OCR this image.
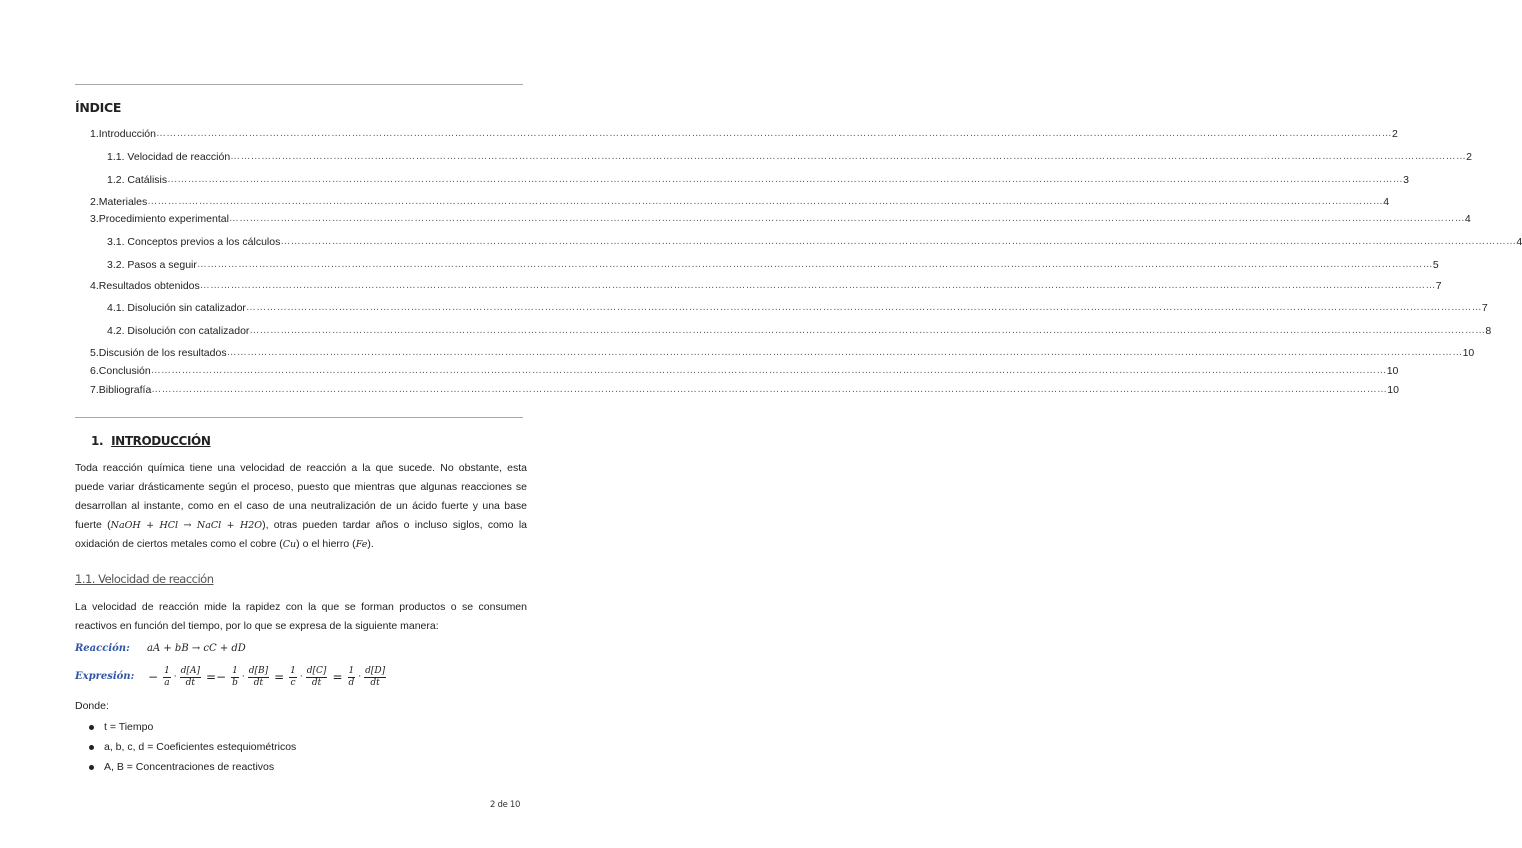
ÍNDICE
1. Introducción ……………………………………………………………………………………………………………………………………………………………………………………………………………………………………………………………………………………………………………………………… 2
1.1. Velocidad de reacción ……………………………………………………………………………………………………………………………………………………………………………………………………………………………………………………………………………………………………………………………… 2
1.2. Catálisis ……………………………………………………………………………………………………………………………………………………………………………………………………………………………………………………………………………………………………………………………… 3
2. Materiales ……………………………………………………………………………………………………………………………………………………………………………………………………………………………………………………………………………………………………………………………… 4
3. Procedimiento experimental ……………………………………………………………………………………………………………………………………………………………………………………………………………………………………………………………………………………………………………………………… 4
3.1. Conceptos previos a los cálculos ……………………………………………………………………………………………………………………………………………………………………………………………………………………………………………………………………………………………………………………………… 4
3.2. Pasos a seguir ……………………………………………………………………………………………………………………………………………………………………………………………………………………………………………………………………………………………………………………………… 5
4. Resultados obtenidos ……………………………………………………………………………………………………………………………………………………………………………………………………………………………………………………………………………………………………………………………… 7
4.1. Disolución sin catalizador ……………………………………………………………………………………………………………………………………………………………………………………………………………………………………………………………………………………………………………………………… 7
4.2. Disolución con catalizador ……………………………………………………………………………………………………………………………………………………………………………………………………………………………………………………………………………………………………………………………… 8
5. Discusión de los resultados ……………………………………………………………………………………………………………………………………………………………………………………………………………………………………………………………………………………………………………………………… 10
6. Conclusión ……………………………………………………………………………………………………………………………………………………………………………………………………………………………………………………………………………………………………………………………… 10
7. Bibliografía ……………………………………………………………………………………………………………………………………………………………………………………………………………………………………………………………………………………………………………………………… 10
1. INTRODUCCIÓN
Toda reacción química tiene una velocidad de reacción a la que sucede. No obstante, esta puede variar drásticamente según el proceso, puesto que mientras que algunas reacciones se desarrollan al instante, como en el caso de una neutralización de un ácido fuerte y una base fuerte (NaOH + HCl → NaCl + H2O), otras pueden tardar años o incluso siglos, como la oxidación de ciertos metales como el cobre (Cu) o el hierro (Fe).
1.1. Velocidad de reacción
La velocidad de reacción mide la rapidez con la que se forman productos o se consumen reactivos en función del tiempo, por lo que se expresa de la siguiente manera:
Reacción: aA + bB → cC + dD
Expresión: − $\frac{1}{a} \cdot \frac{d[A]}{dt} =- \frac{1}{b} \cdot \frac{d[B]}{dt} = \frac{1}{c} \cdot \frac{d[C]}{dt} = \frac{1}{d} \cdot \frac{d[D]}{dt}$
Donde:
t = Tiempo
a, b, c, d = Coeficientes estequiométricos
A, B = Concentraciones de reactivos
2 de 10
